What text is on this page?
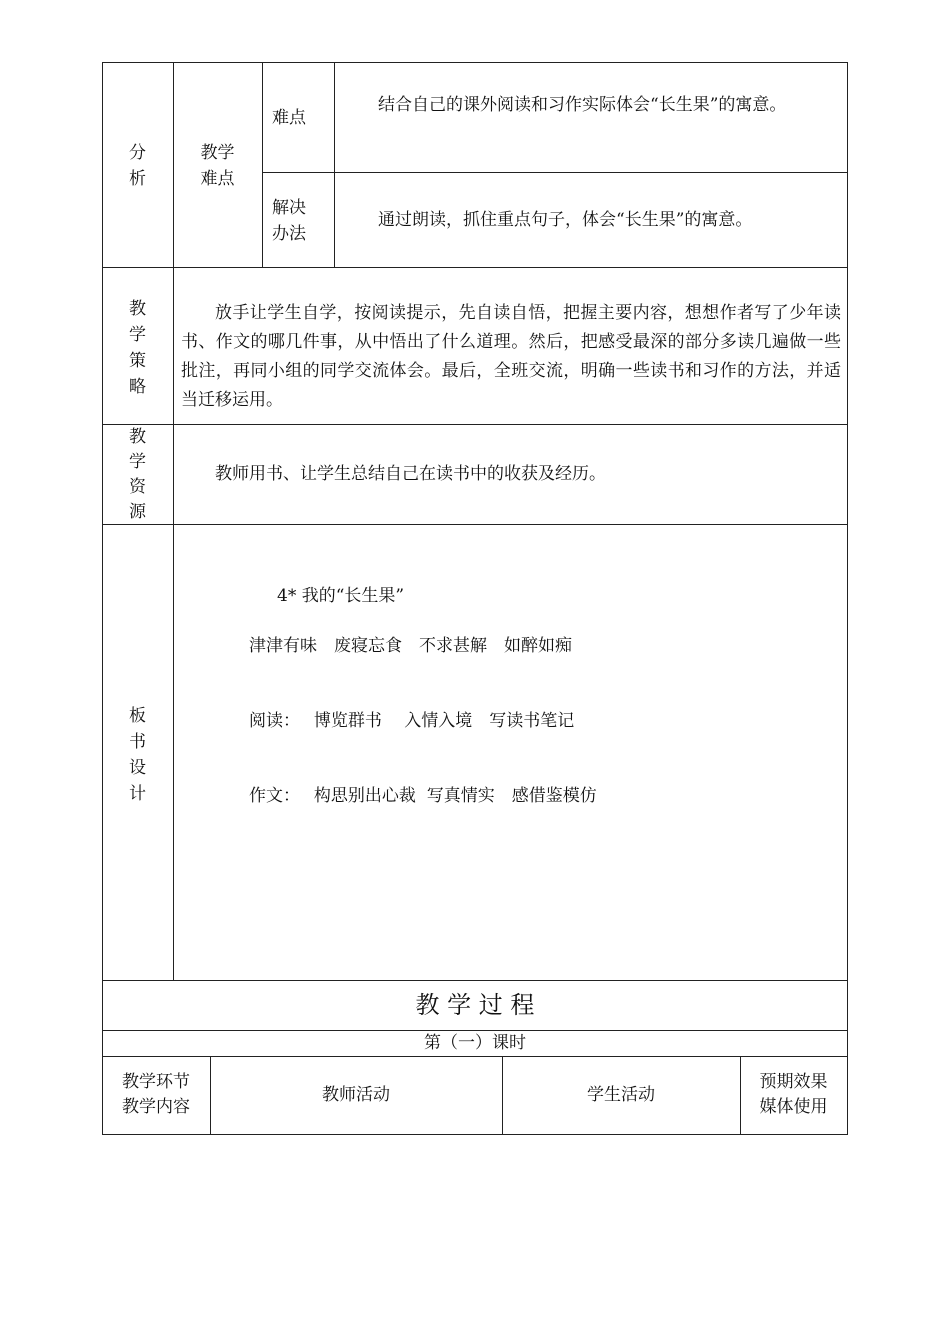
分
析
教学
难点
难点
结合自己的课外阅读和习作实际体会“长生果”的寓意。
解决
办法
通过朗读，抓住重点句子，体会“长生果”的寓意。
教
学
策
略
放手让学生自学，按阅读提示，先自读自悟，把握主要内容，想想作者写了少年读书、作文的哪几件事，从中悟出了什么道理。然后，把感受最深的部分多读几遍做一些批注，再同小组的同学交流体会。最后，全班交流，明确一些读书和习作的方法，并适当迁移运用。
教
学
资
源
教师用书、让学生总结自己在读书中的收获及经历。
板
书
设
计
4* 我的“长生果”
津津有味　废寝忘食　不求甚解　如醉如痴
阅读：　 博览群书　 入情入境　写读书笔记
作文：　 构思别出心裁  写真情实　感借鉴模仿
教 学 过 程
第（一）课时
教学环节
教学内容
教师活动	学生活动
预期效果
媒体使用
